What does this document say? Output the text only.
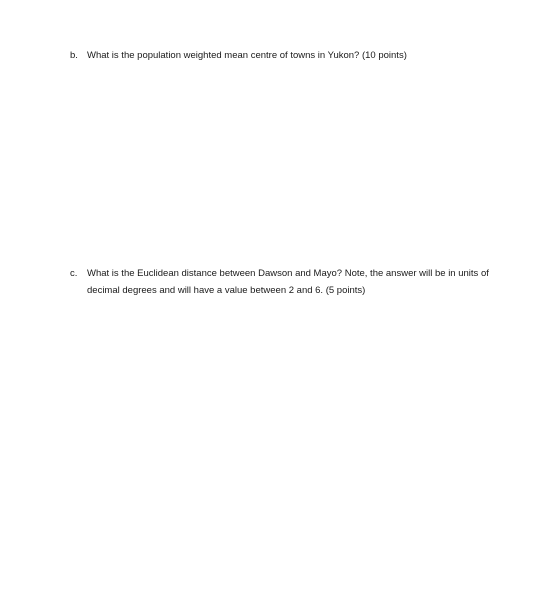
b. What is the population weighted mean centre of towns in Yukon? (10 points)
c.	What is the Euclidean distance between Dawson and Mayo? Note, the answer will be in units of
decimal degrees and will have a value between 2 and 6. (5 points)
